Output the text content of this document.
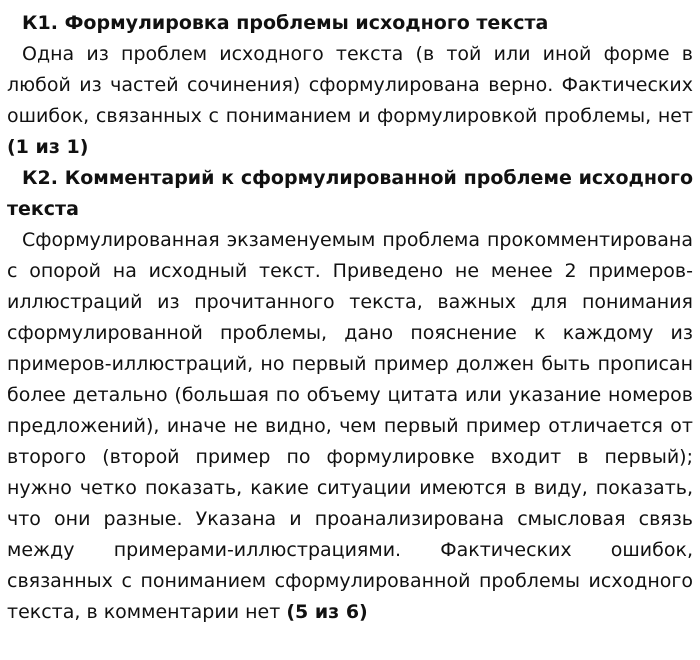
К1. Формулировка проблемы исходного текста

Одна из проблем исходного текста (в той или иной форме в любой из частей сочинения) сформулирована верно. Фактических ошибок, связанных с пониманием и формулировкой проблемы, нет (1 из 1)

К2. Комментарий к сформулированной проблеме исходного текста

Сформулированная экзаменуемым проблема прокомментирована с опорой на исходный текст. Приведено не менее 2 примеров-иллюстраций из прочитанного текста, важных для понимания сформулированной проблемы, дано пояснение к каждому из примеров-иллюстраций, но первый пример должен быть прописан более детально (большая по объему цитата или указание номеров предложений), иначе не видно, чем первый пример отличается от второго (второй пример по формулировке входит в первый); нужно четко показать, какие ситуации имеются в виду, показать, что они разные. Указана и проанализирована смысловая связь между примерами-иллюстрациями. Фактических ошибок, связанных с пониманием сформулированной проблемы исходного текста, в комментарии нет (5 из 6)
